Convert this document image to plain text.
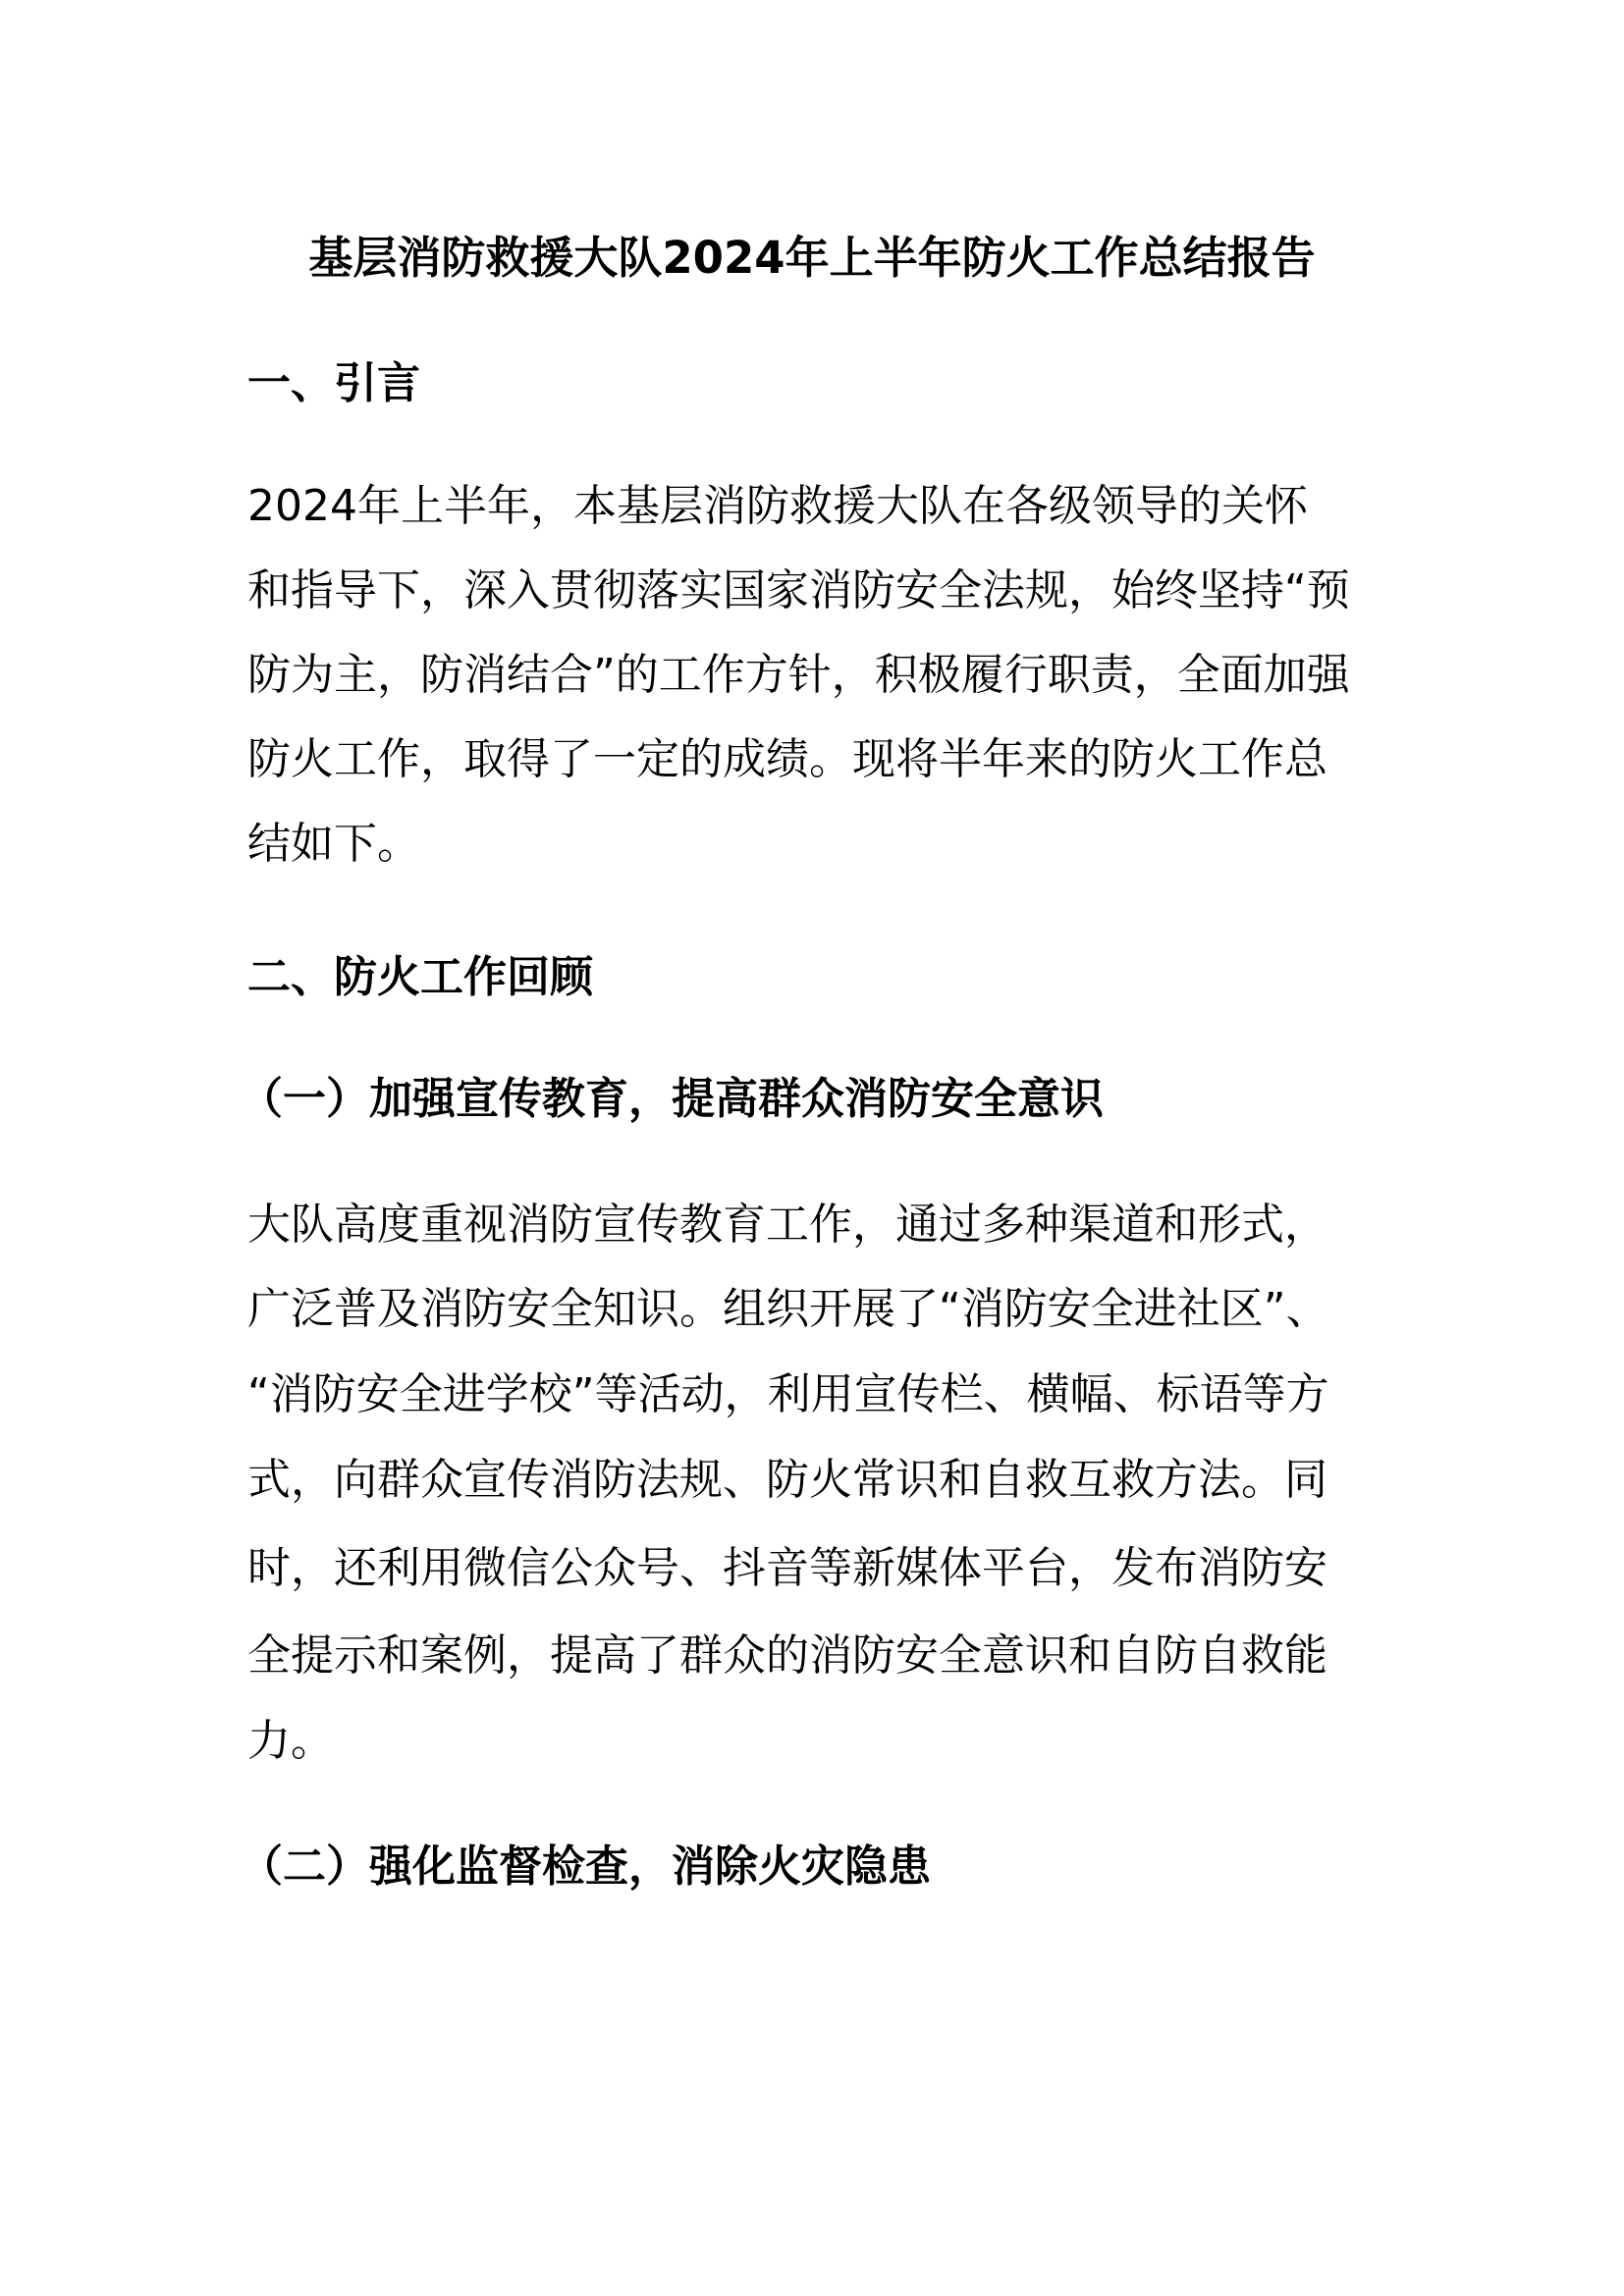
基层消防救援大队2024年上半年防火工作总结报告
一、引言
2024年上半年，本基层消防救援大队在各级领导的关怀
和指导下，深入贯彻落实国家消防安全法规，始终坚持“预
防为主，防消结合”的工作方针，积极履行职责，全面加强
防火工作，取得了一定的成绩。现将半年来的防火工作总
结如下。
二、防火工作回顾
（一）加强宣传教育，提高群众消防安全意识
大队高度重视消防宣传教育工作，通过多种渠道和形式，
广泛普及消防安全知识。组织开展了“消防安全进社区”、
“消防安全进学校”等活动，利用宣传栏、横幅、标语等方
式，向群众宣传消防法规、防火常识和自救互救方法。同
时，还利用微信公众号、抖音等新媒体平台，发布消防安
全提示和案例，提高了群众的消防安全意识和自防自救能
力。
（二）强化监督检查，消除火灾隐患
